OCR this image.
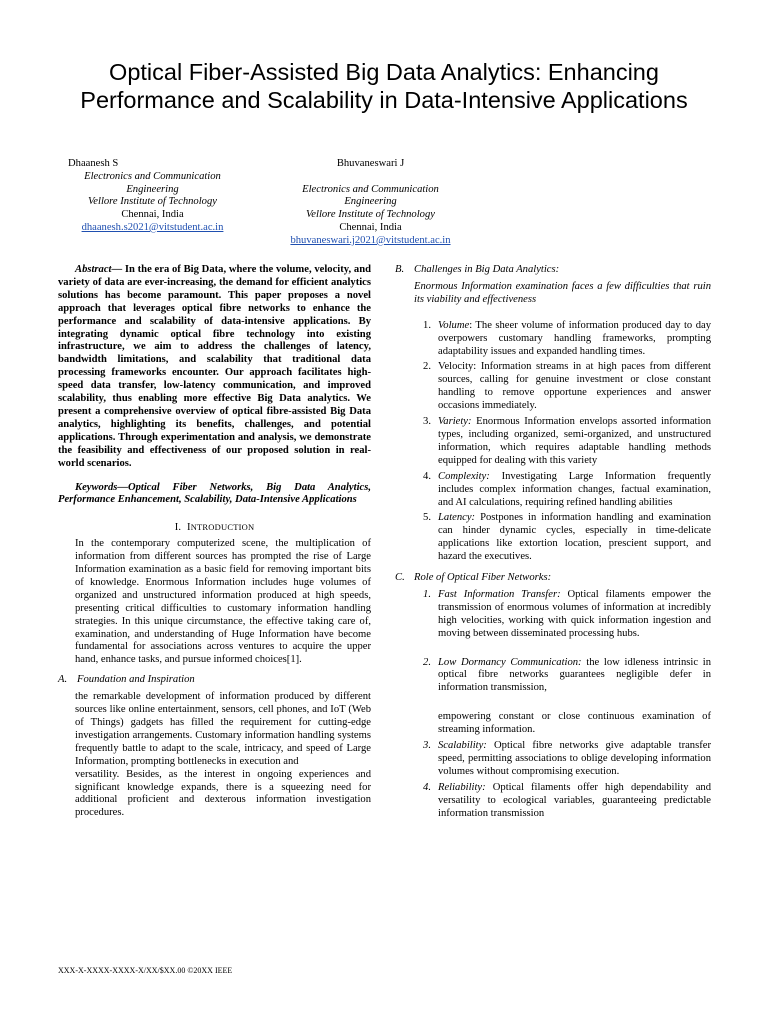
Optical Fiber-Assisted Big Data Analytics: Enhancing Performance and Scalability in Data-Intensive Applications
Dhaanesh S
Electronics and Communication Engineering
Vellore Institute of Technology
Chennai, India
dhaanesh.s2021@vitstudent.ac.in
Bhuvaneswari J
Electronics and Communication Engineering
Vellore Institute of Technology
Chennai, India
bhuvaneswari.j2021@vitstudent.ac.in

Abstract— In the era of Big Data, where the volume, velocity, and variety of data are ever-increasing, the demand for efficient analytics solutions has become paramount. This paper proposes a novel approach that leverages optical fibre networks to enhance the performance and scalability of data-intensive applications. By integrating dynamic optical fibre technology into existing infrastructure, we aim to address the challenges of latency, bandwidth limitations, and scalability that traditional data processing frameworks encounter. Our approach facilitates high-speed data transfer, low-latency communication, and improved scalability, thus enabling more effective Big Data analytics. We present a comprehensive overview of optical fibre-assisted Big Data analytics, highlighting its benefits, challenges, and potential applications. Through experimentation and analysis, we demonstrate the feasibility and effectiveness of our proposed solution in real-world scenarios.

Keywords—Optical Fiber Networks, Big Data Analytics, Performance Enhancement, Scalability, Data-Intensive Applications

I. INTRODUCTION

In the contemporary computerized scene, the multiplication of information from different sources has prompted the rise of Large Information examination as a basic field for removing important bits of knowledge. Enormous Information includes huge volumes of organized and unstructured information produced at high speeds, presenting critical difficulties to customary information handling strategies. In this unique circumstance, the effective taking care of, examination, and understanding of Huge Information have become fundamental for associations across ventures to acquire the upper hand, enhance tasks, and pursue informed choices[1].

A. Foundation and Inspiration

the remarkable development of information produced by different sources like online entertainment, sensors, cell phones, and IoT (Web of Things) gadgets has filled the requirement for cutting-edge investigation arrangements. Customary information handling systems frequently battle to adapt to the scale, intricacy, and speed of Large Information, prompting bottlenecks in execution and

versatility. Besides, as the interest in ongoing experiences and significant knowledge expands, there is a squeezing need for additional proficient and dexterous information investigation procedures.

B. Challenges in Big Data Analytics:

Enormous Information examination faces a few difficulties that ruin its viability and effectiveness

1. Volume: The sheer volume of information produced day to day overpowers customary handling frameworks, prompting adaptability issues and expanded handling times.
2. Velocity: Information streams in at high paces from different sources, calling for genuine investment or close constant handling to remove opportune experiences and answer occasions immediately.
3. Variety: Enormous Information envelops assorted information types, including organized, semi-organized, and unstructured information, which requires adaptable handling methods equipped for dealing with this variety
4. Complexity: Investigating Large Information frequently includes complex information changes, factual examination, and AI calculations, requiring refined handling abilities
5. Latency: Postpones in information handling and examination can hinder dynamic cycles, especially in time-delicate applications like extortion location, prescient support, and hazard the executives.
C. Role of Optical Fiber Networks:
1. Fast Information Transfer: Optical filaments empower the transmission of enormous volumes of information at incredibly high velocities, working with quick information ingestion and moving between disseminated processing hubs.
2. Low Dormancy Communication: the low idleness intrinsic in optical fibre networks guarantees negligible defer in information transmission,
empowering constant or close continuous examination of streaming information.
3. Scalability: Optical fibre networks give adaptable transfer speed, permitting associations to oblige developing information volumes without compromising execution.
4. Reliability: Optical filaments offer high dependability and versatility to ecological variables, guaranteeing predictable information transmission
XXX-X-XXXX-XXXX-X/XX/$XX.00 ©20XX IEEE
